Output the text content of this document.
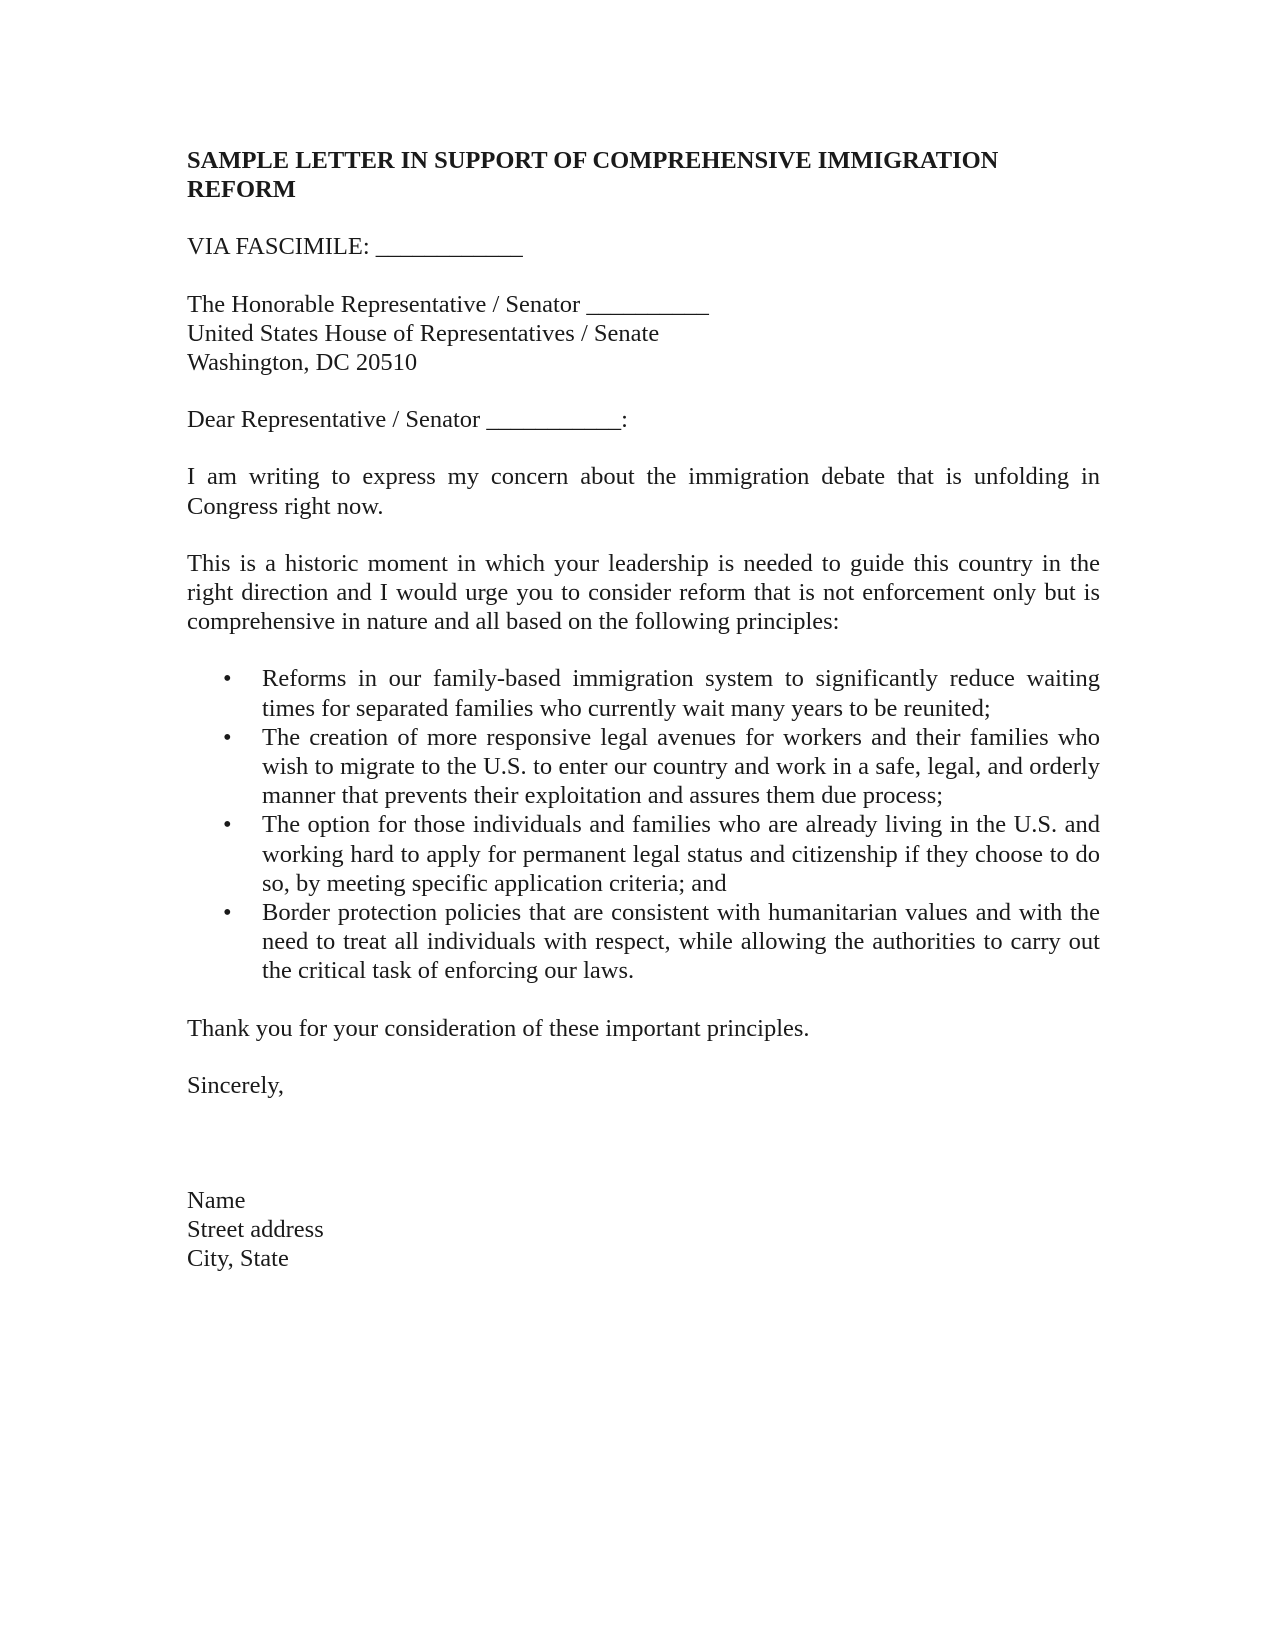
SAMPLE LETTER IN SUPPORT OF COMPREHENSIVE IMMIGRATION REFORM
VIA FASCIMILE: ____________
The Honorable Representative / Senator __________
United States House of Representatives / Senate
Washington, DC 20510
Dear Representative / Senator ___________:
I am writing to express my concern about the immigration debate that is unfolding in Congress right now.
This is a historic moment in which your leadership is needed to guide this country in the right direction and I would urge you to consider reform that is not enforcement only but is comprehensive in nature and all based on the following principles:
• Reforms in our family-based immigration system to significantly reduce waiting times for separated families who currently wait many years to be reunited;
• The creation of more responsive legal avenues for workers and their families who wish to migrate to the U.S. to enter our country and work in a safe, legal, and orderly manner that prevents their exploitation and assures them due process;
• The option for those individuals and families who are already living in the U.S. and working hard to apply for permanent legal status and citizenship if they choose to do so, by meeting specific application criteria; and
• Border protection policies that are consistent with humanitarian values and with the need to treat all individuals with respect, while allowing the authorities to carry out the critical task of enforcing our laws.
Thank you for your consideration of these important principles.
Sincerely,
Name
Street address
City, State
